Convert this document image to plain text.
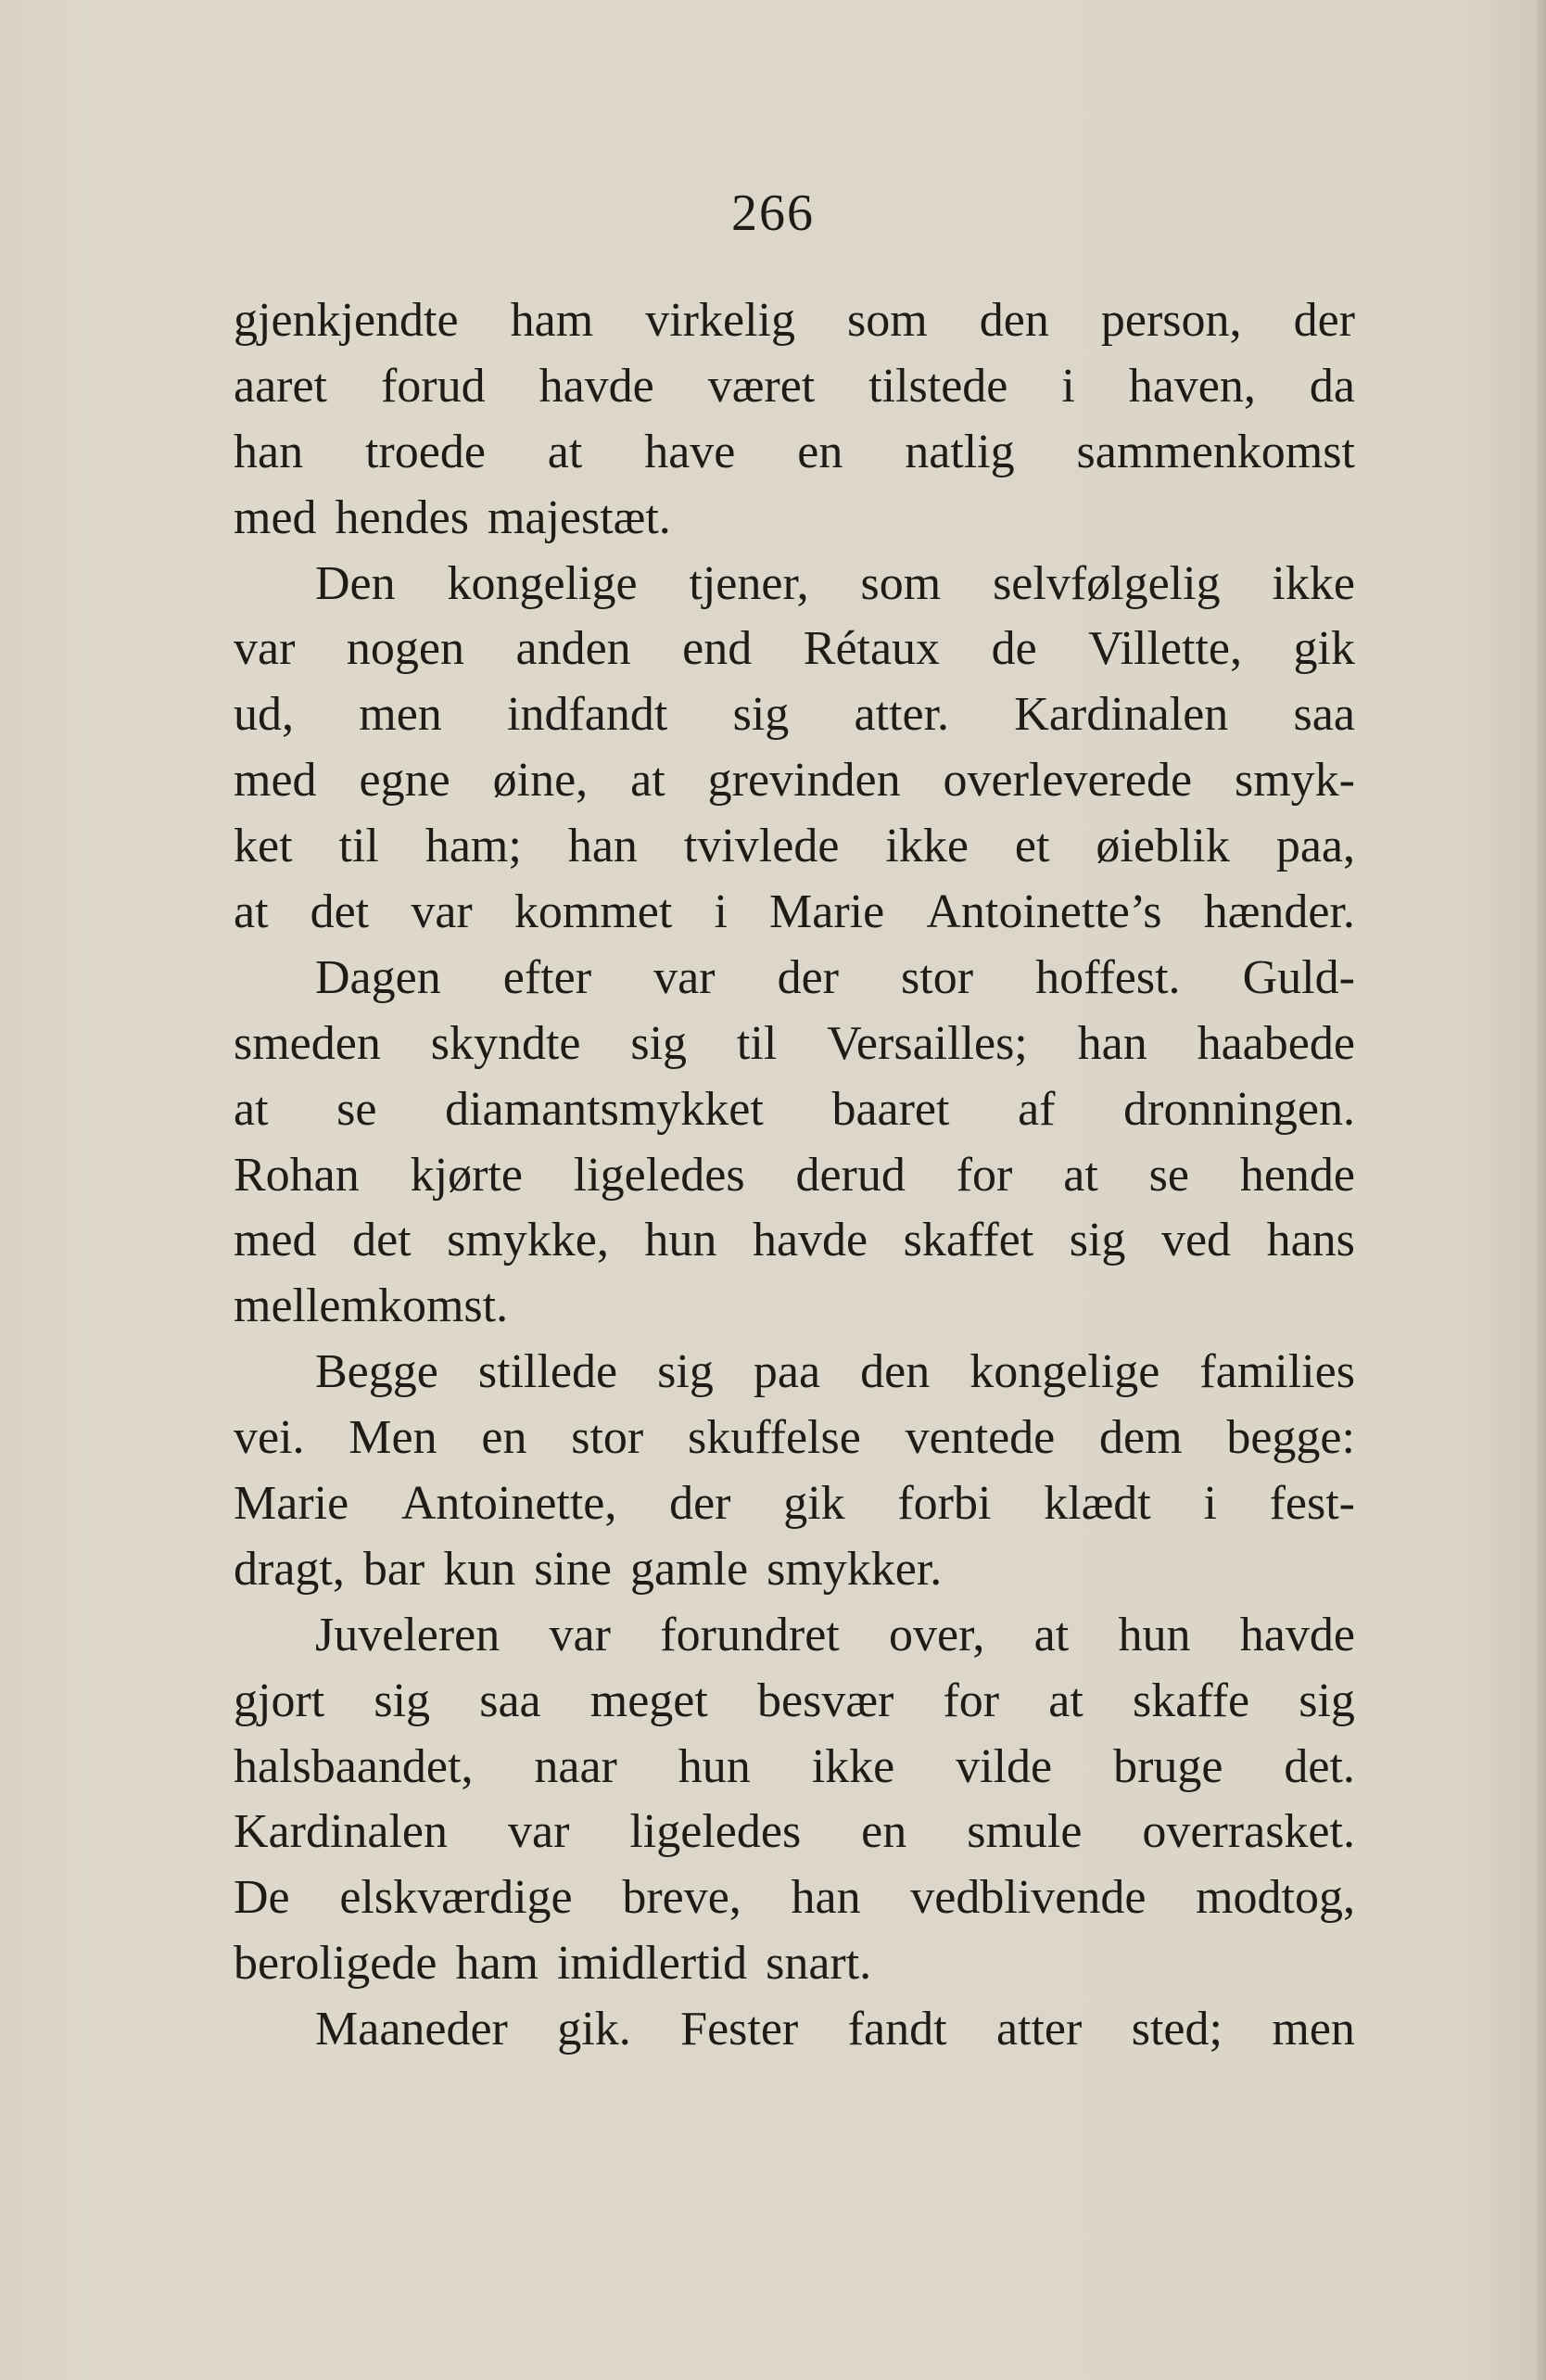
266
gjenkjendte ham virkelig som den person, der
aaret forud havde været tilstede i haven, da
han troede at have en natlig sammenkomst
med hendes majestæt.
Den kongelige tjener, som selvfølgelig ikke
var nogen anden end Rétaux de Villette, gik
ud, men indfandt sig atter. Kardinalen saa
med egne øine, at grevinden overleverede smyk-
ket til ham; han tvivlede ikke et øieblik paa,
at det var kommet i Marie Antoinette’s hænder.
Dagen efter var der stor hoffest. Guld-
smeden skyndte sig til Versailles; han haabede
at se diamantsmykket baaret af dronningen.
Rohan kjørte ligeledes derud for at se hende
med det smykke, hun havde skaffet sig ved hans
mellemkomst.
Begge stillede sig paa den kongelige families
vei. Men en stor skuffelse ventede dem begge:
Marie Antoinette, der gik forbi klædt i fest-
dragt, bar kun sine gamle smykker.
Juveleren var forundret over, at hun havde
gjort sig saa meget besvær for at skaffe sig
halsbaandet, naar hun ikke vilde bruge det.
Kardinalen var ligeledes en smule overrasket.
De elskværdige breve, han vedblivende modtog,
beroligede ham imidlertid snart.
Maaneder gik. Fester fandt atter sted; men
